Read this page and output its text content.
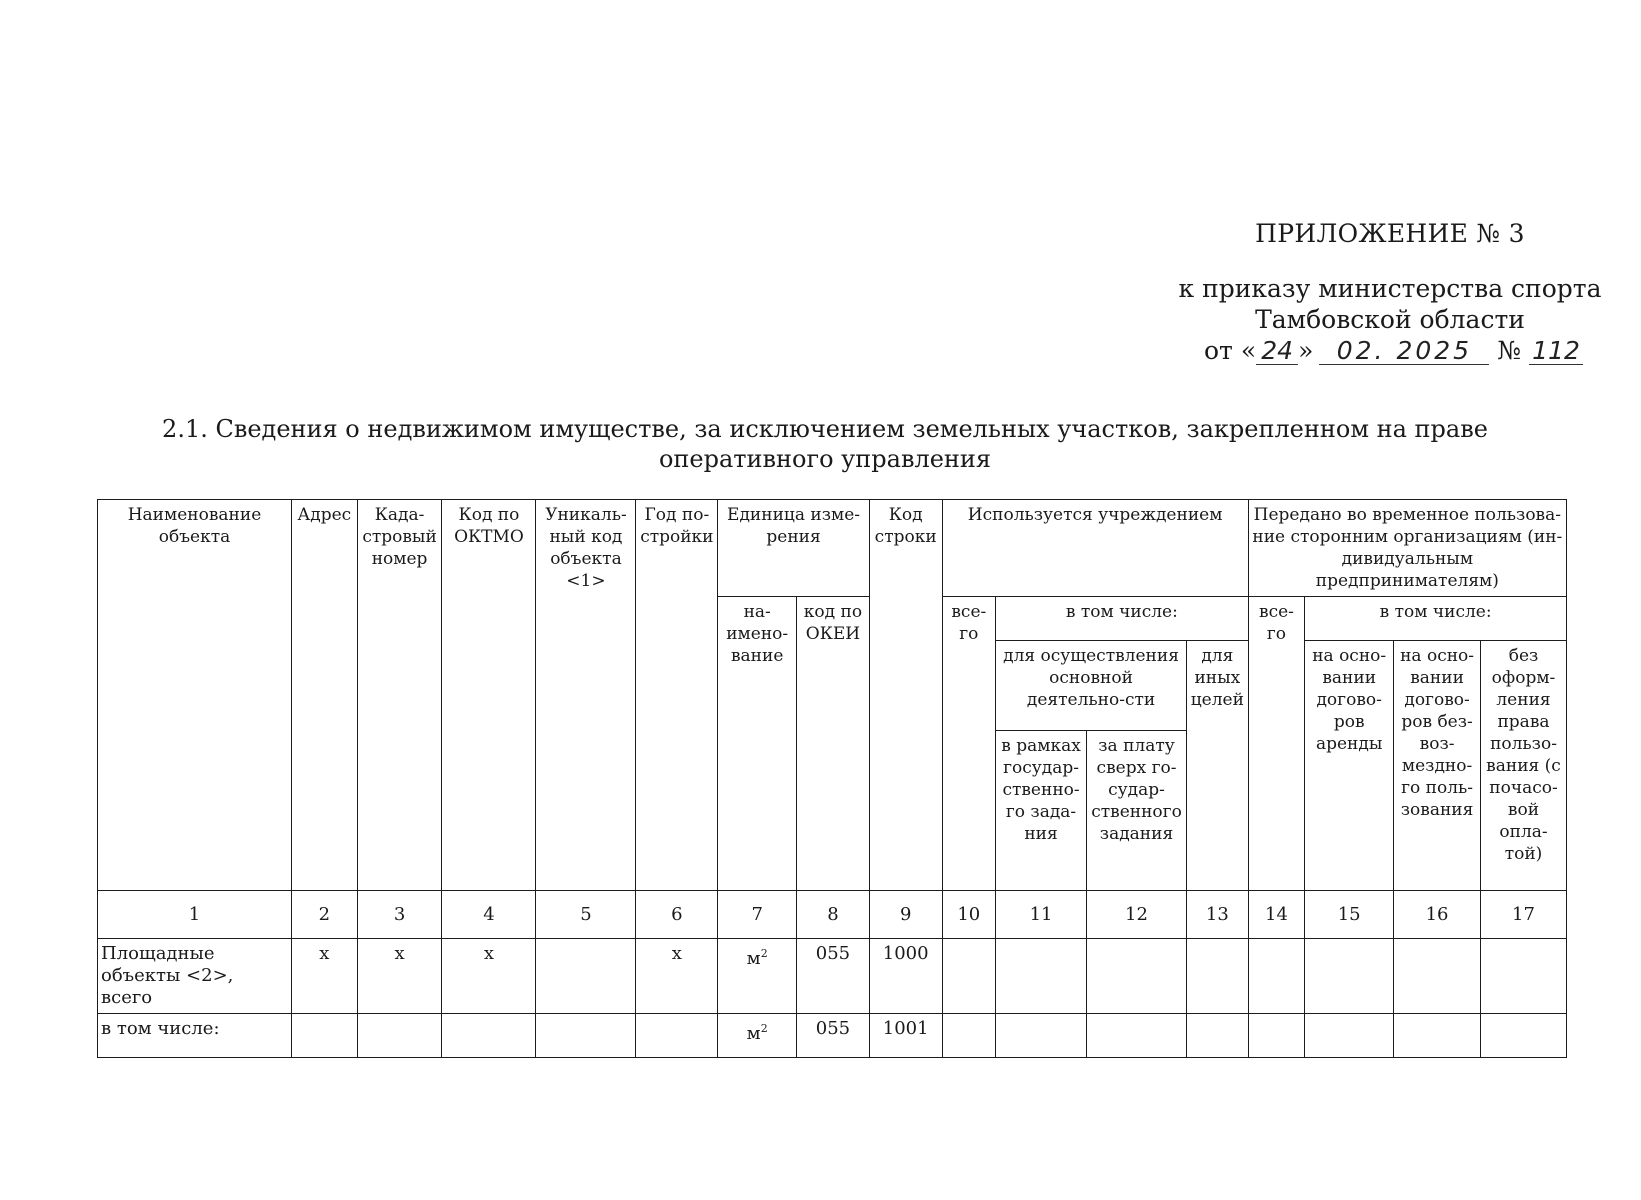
ПРИЛОЖЕНИЕ № 3
к приказу министерства спорта
Тамбовской области
от « 24 » 02. 2025 № 112
2.1. Сведения о недвижимом имуществе, за исключением земельных участков, закрепленном на праве оперативного управления
Наименование объекта	Адрес	Када-стровый номер	Код по ОКТМО	Уникаль-ный код объекта <1>	Год по-стройки	Единица изме-рения		Код строки	Используется учреждением				Передано во временное пользова-ние сторонним организациям (ин-дивидуальным предпринимателям)			
						на-имено-вание	код по ОКЕИ		все-го	в том числе:			все-го	в том числе:		
										для осуществления основной деятельно-сти		для иных целей		на осно-вании догово-ров аренды	на осно-вании догово-ров без-воз-мездно-го поль-зования	без оформ-ления права пользо-вания (с почасо-вой опла-той)
										в рамках государ-ственно-го зада-ния	за плату сверх го-судар-ственного задания					
1	2	3	4	5	6	7	8	9	10	11	12	13	14	15	16	17
Площадные объекты <2>, всего	х	х	х		х	$м^2$	055	1000								
в том числе:						$м^2$	055	1001								
